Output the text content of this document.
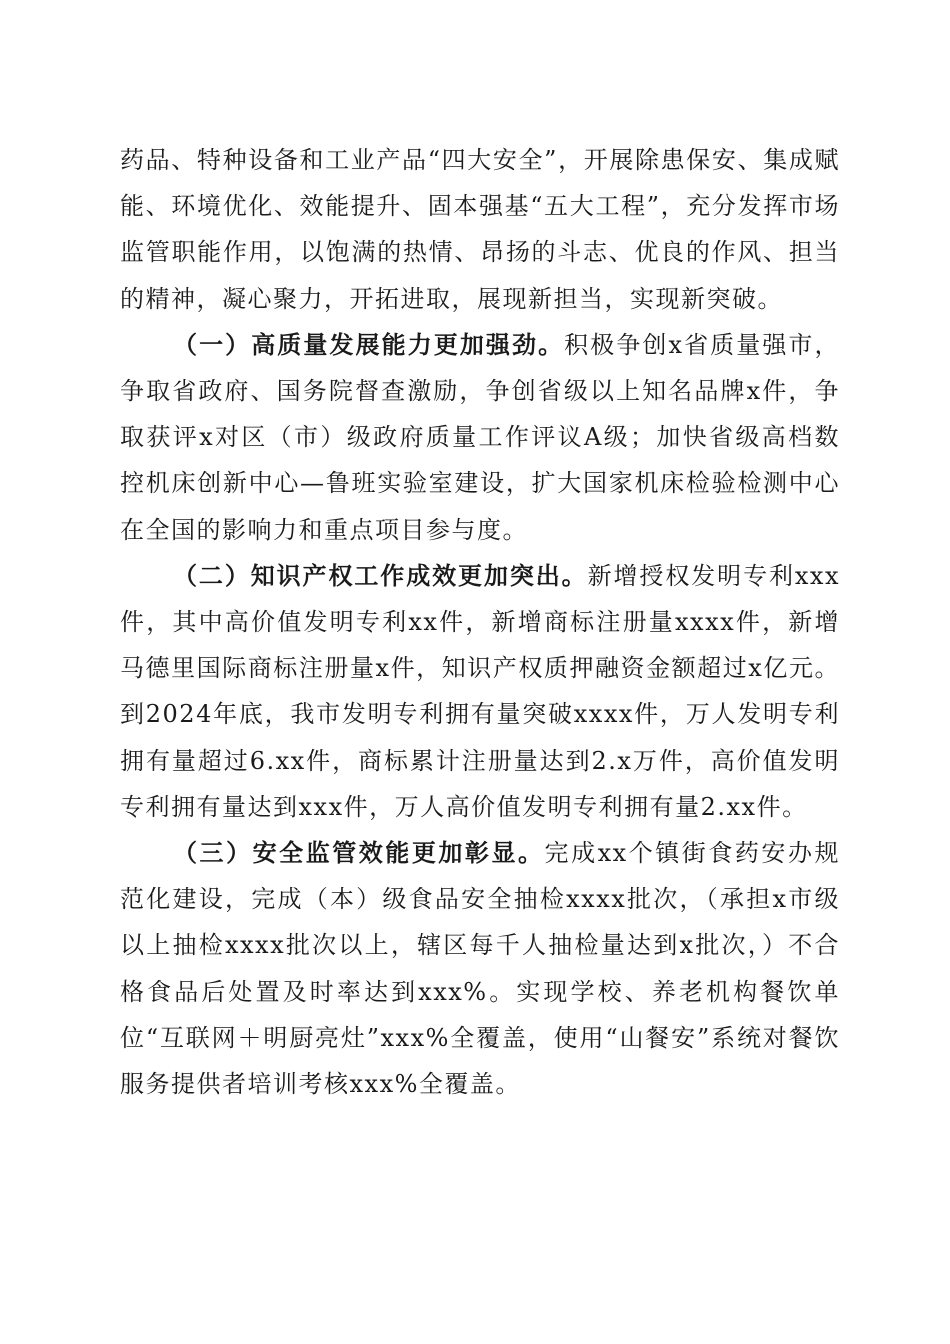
药品、特种设备和工业产品“四大安全”，开展除患保安、集成赋能、环境优化、效能提升、固本强基“五大工程”，充分发挥市场监管职能作用，以饱满的热情、昂扬的斗志、优良的作风、担当的精神，凝心聚力，开拓进取，展现新担当，实现新突破。

（一）高质量发展能力更加强劲。积极争创x省质量强市，争取省政府、国务院督查激励，争创省级以上知名品牌x件，争取获评x对区（市）级政府质量工作评议A级；加快省级高档数控机床创新中心—鲁班实验室建设，扩大国家机床检验检测中心在全国的影响力和重点项目参与度。

（二）知识产权工作成效更加突出。新增授权发明专利xxx件，其中高价值发明专利xx件，新增商标注册量xxxx件，新增马德里国际商标注册量x件，知识产权质押融资金额超过x亿元。到2024年底，我市发明专利拥有量突破xxxx件，万人发明专利拥有量超过6.xx件，商标累计注册量达到2.x万件，高价值发明专利拥有量达到xxx件，万人高价值发明专利拥有量2.xx件。

（三）安全监管效能更加彰显。完成xx个镇街食药安办规范化建设，完成（本）级食品安全抽检xxxx批次，（承担x市级以上抽检xxxx批次以上，辖区每千人抽检量达到x批次，）不合格食品后处置及时率达到xxx%。实现学校、养老机构餐饮单位“互联网＋明厨亮灶”xxx%全覆盖，使用“山餐安”系统对餐饮服务提供者培训考核xxx%全覆盖。
